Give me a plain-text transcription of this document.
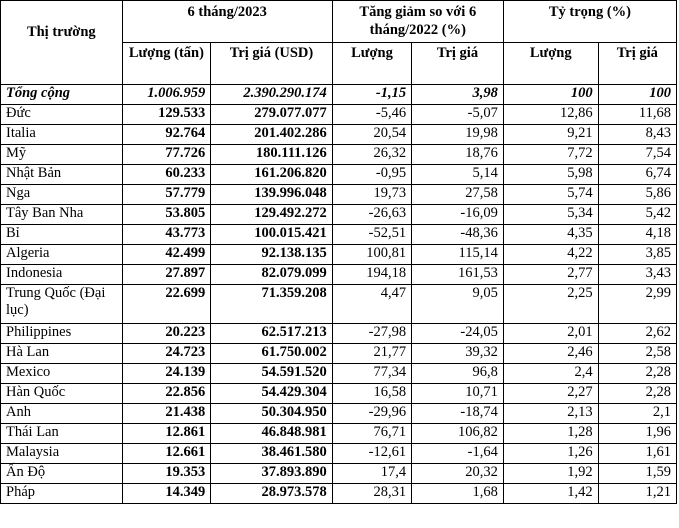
Thị trường	6 tháng/2023		Tăng giảm so với 6 tháng/2022 (%)		Tỷ trọng (%)	
	Lượng (tấn)	Trị giá (USD)	Lượng	Trị giá	Lượng	Trị giá
Tổng cộng	1.006.959	2.390.290.174	-1,15	3,98	100	100
Đức	129.533	279.077.077	-5,46	-5,07	12,86	11,68
Italia	92.764	201.402.286	20,54	19,98	9,21	8,43
Mỹ	77.726	180.111.126	26,32	18,76	7,72	7,54
Nhật Bản	60.233	161.206.820	-0,95	5,14	5,98	6,74
Nga	57.779	139.996.048	19,73	27,58	5,74	5,86
Tây Ban Nha	53.805	129.492.272	-26,63	-16,09	5,34	5,42
Bỉ	43.773	100.015.421	-52,51	-48,36	4,35	4,18
Algeria	42.499	92.138.135	100,81	115,14	4,22	3,85
Indonesia	27.897	82.079.099	194,18	161,53	2,77	3,43
Trung Quốc (Đại lục)	22.699	71.359.208	4,47	9,05	2,25	2,99
Philippines	20.223	62.517.213	-27,98	-24,05	2,01	2,62
Hà Lan	24.723	61.750.002	21,77	39,32	2,46	2,58
Mexico	24.139	54.591.520	77,34	96,8	2,4	2,28
Hàn Quốc	22.856	54.429.304	16,58	10,71	2,27	2,28
Anh	21.438	50.304.950	-29,96	-18,74	2,13	2,1
Thái Lan	12.861	46.848.981	76,71	106,82	1,28	1,96
Malaysia	12.661	38.461.580	-12,61	-1,64	1,26	1,61
Ấn Độ	19.353	37.893.890	17,4	20,32	1,92	1,59
Pháp	14.349	28.973.578	28,31	1,68	1,42	1,21
